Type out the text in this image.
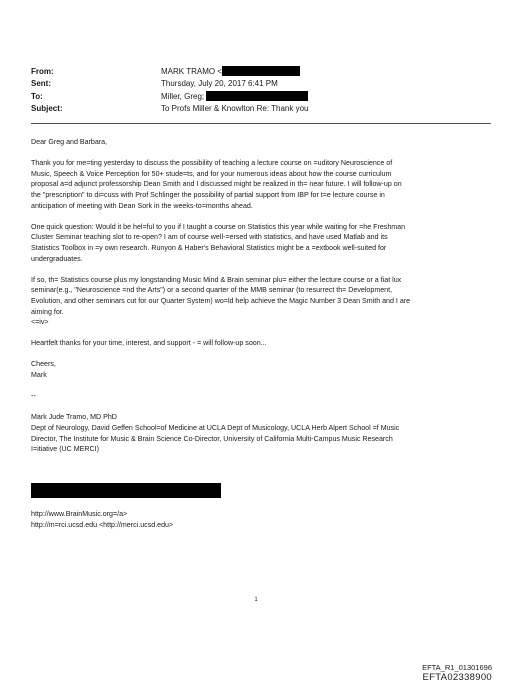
From:	MARK TRAMO <
Sent:	Thursday, July 20, 2017 6:41 PM
To:	Miller, Greg;
Subject:	To Profs Miller & Knowlton Re: Thank you

Dear Greg and Barbara,

Thank you for me=ting yesterday to discuss the possibility of teaching a lecture course on =uditory Neuroscience of
Music, Speech & Voice Perception for 50+ stude=ts, and for your numerous ideas about how the course curriculum
proposal a=d adjunct professorship Dean Smith and I discussed might be realized in th= near future. I will follow-up on
the "prescription" to di=cuss with Prof Schlinger the possibility of partial support from IBP for t=e lecture course in
anticipation of meeting with Dean Sork in the weeks-to=months ahead.

One quick question: Would it be hel=ful to you if I taught a course on Statistics this year while waiting for =he Freshman
Cluster Seminar teaching slot to re-open? I am of course well-=ersed with statistics, and have used Matlab and its
Statistics Toolbox in =y own research. Runyon & Haber's Behavioral Statistics might be a =extbook well-suited for
undergraduates.

If so, th= Statistics course plus my longstanding Music Mind & Brain seminar plu= either the lecture course or a fiat lux
seminar(e.g., "Neuroscience =nd the Arts") or a second quarter of the MMB seminar (to resurrect th= Development,
Evolution, and other seminars cut for our Quarter System) wo=ld help achieve the Magic Number 3 Dean Smith and I are
aiming for.
<=iv>

Heartfelt thanks for your time, interest, and support - = will follow-up soon...

Cheers,
Mark

--

Mark Jude Tramo, MD PhD

Dept of Neurology, David Geffen School=of Medicine at UCLA Dept of Musicology, UCLA Herb Alpert School =f Music
Director, The Institute for Music & Brain Science Co-Director, University of California Multi-Campus Music Research
I=itiative (UC MERCI)

http://www.BrainMusic.org=/a>
http://m=rci.ucsd.edu <http://merci.ucsd.edu>
1
EFTA_R1_01301696
EFTA02338900
